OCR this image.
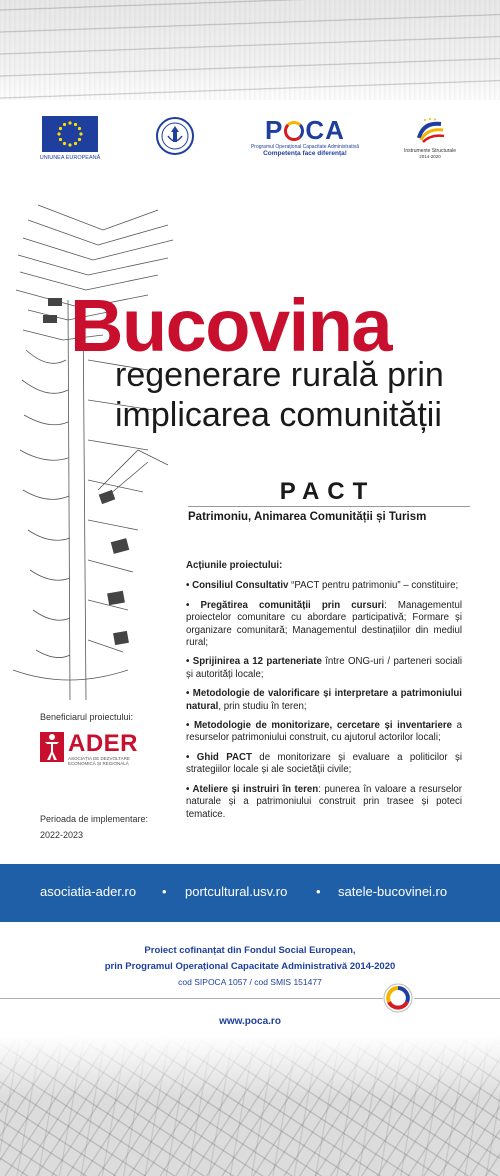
UNIUNEA EUROPEANĂ
P CA
Programul Operațional Capacitate Administrativă
Competența face diferența!	Instrumente Structurale
2014-2020
Bucovina
regenerare rurală prin
implicarea comunității
PACT
Patrimoniu, Animarea Comunității și Turism
Acțiunile proiectului:
• Consiliul Consultativ “PACT pentru patrimoniu” – constituire;
• Pregătirea comunității prin cursuri: Managementul proiectelor comunitare cu abordare participativă; Formare și organizare comunitară; Managementul destinațiilor din mediul rural;
• Sprijinirea a 12 parteneriate între ONG-uri / parteneri sociali și autorități locale;
• Metodologie de valorificare și interpretare a patrimoniului natural, prin studiu în teren;
• Metodologie de monitorizare, cercetare și inventariere a resurselor patrimoniului construit, cu ajutorul actorilor locali;
• Ghid PACT de monitorizare și evaluare a politicilor și strategiilor locale și ale societății civile;
• Ateliere și instruiri în teren: punerea în valoare a resurselor naturale și a patrimoniului construit prin trasee și poteci tematice.
Beneficiarul proiectului:
ADER
ASOCIAȚIA DE DEZVOLTARE
ECONOMICĂ ȘI REGIONALĂ
Perioada de implementare:
2022-2023
asociatia-ader.ro • portcultural.usv.ro • satele-bucovinei.ro
Proiect cofinanțat din Fondul Social European,
prin Programul Operațional Capacitate Administrativă 2014-2020
cod SIPOCA 1057 / cod SMIS 151477
www.poca.ro
